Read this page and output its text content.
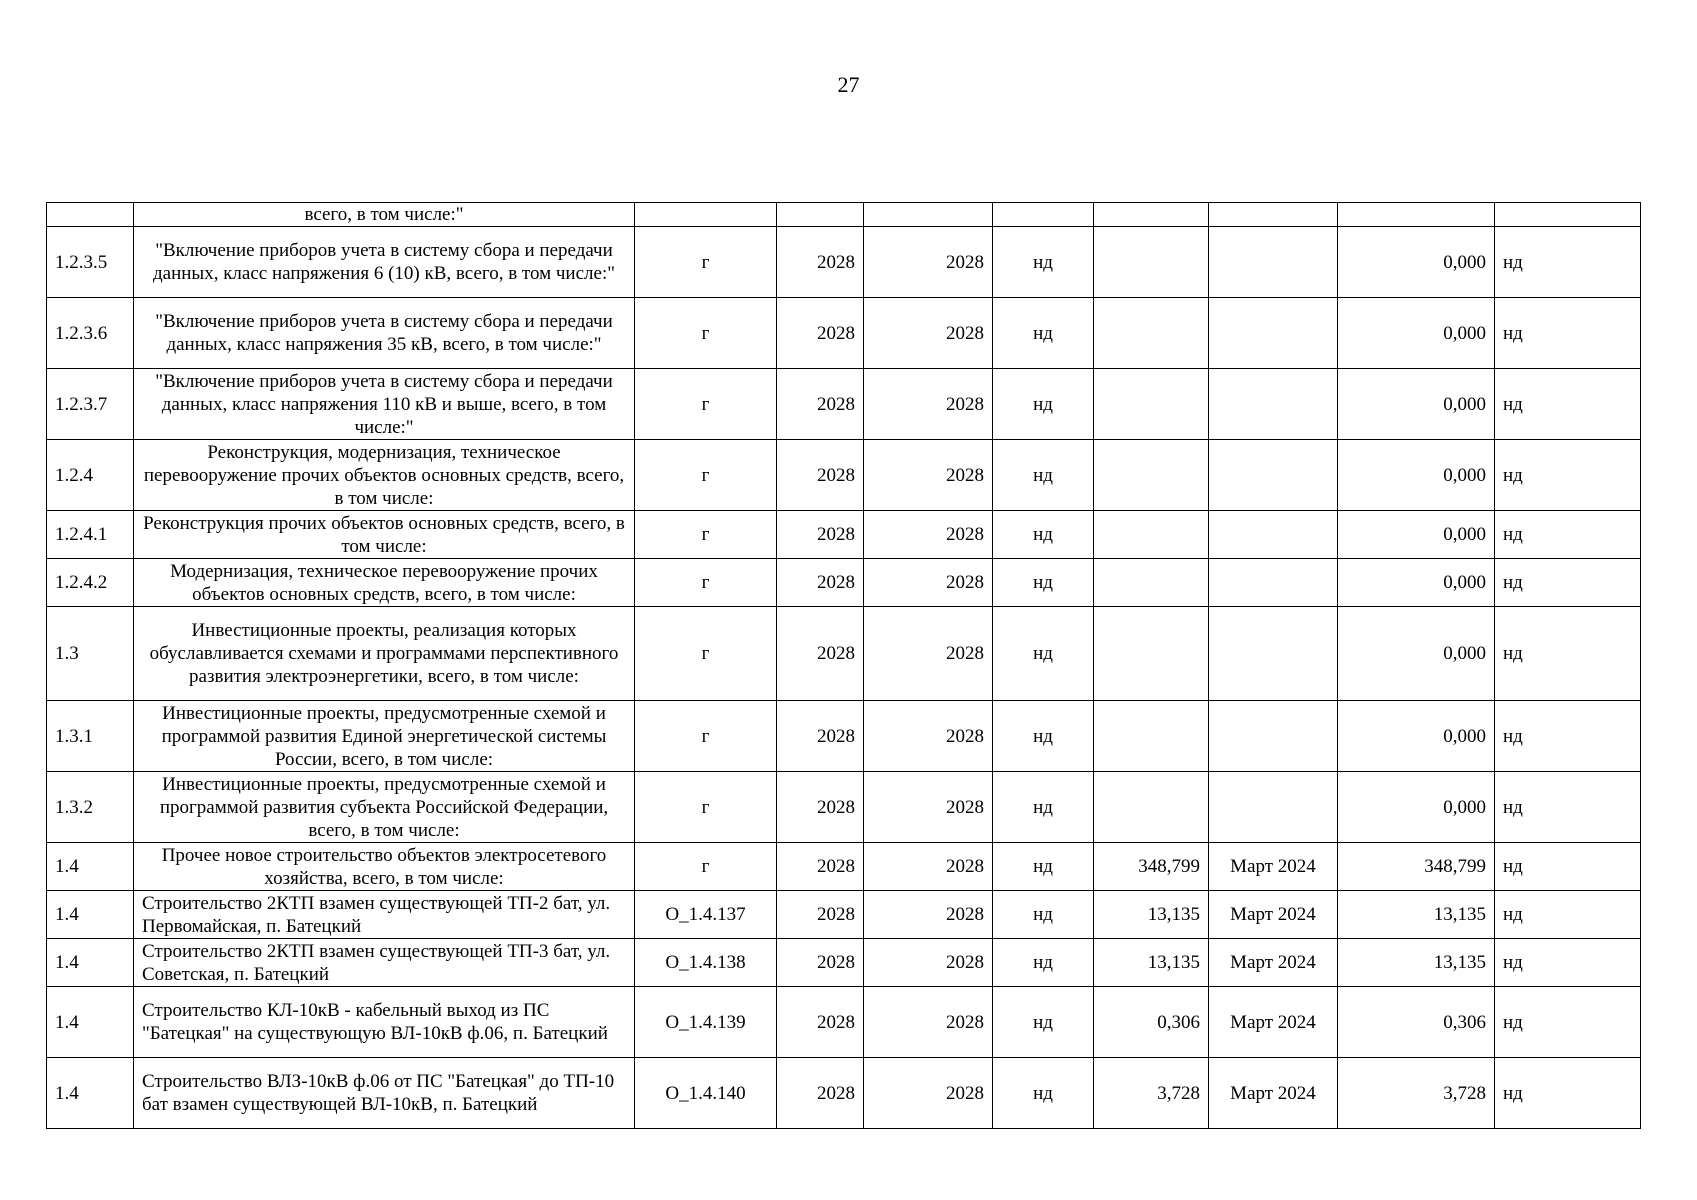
27
	всего, в том числе:"								
1.2.3.5	"Включение приборов учета в систему сбора и передачи данных, класс напряжения 6 (10) кВ, всего, в том числе:"	г	2028	2028	нд			0,000	нд
1.2.3.6	"Включение приборов учета в систему сбора и передачи данных, класс напряжения 35 кВ, всего, в том числе:"	г	2028	2028	нд			0,000	нд
1.2.3.7	"Включение приборов учета в систему сбора и передачи данных, класс напряжения 110 кВ и выше, всего, в том числе:"	г	2028	2028	нд			0,000	нд
1.2.4	Реконструкция, модернизация, техническое перевооружение прочих объектов основных средств, всего, в том числе:	г	2028	2028	нд			0,000	нд
1.2.4.1	Реконструкция прочих объектов основных средств, всего, в том числе:	г	2028	2028	нд			0,000	нд
1.2.4.2	Модернизация, техническое перевооружение прочих объектов основных средств, всего, в том числе:	г	2028	2028	нд			0,000	нд
1.3	Инвестиционные проекты, реализация которых обуславливается схемами и программами перспективного развития электроэнергетики, всего, в том числе:	г	2028	2028	нд			0,000	нд
1.3.1	Инвестиционные проекты, предусмотренные схемой и программой развития Единой энергетической системы России, всего, в том числе:	г	2028	2028	нд			0,000	нд
1.3.2	Инвестиционные проекты, предусмотренные схемой и программой развития субъекта Российской Федерации, всего, в том числе:	г	2028	2028	нд			0,000	нд
1.4	Прочее новое строительство объектов электросетевого хозяйства, всего, в том числе:	г	2028	2028	нд	348,799	Март 2024	348,799	нд
1.4	Строительство 2КТП взамен существующей ТП-2 бат, ул. Первомайская, п. Батецкий	О_1.4.137	2028	2028	нд	13,135	Март 2024	13,135	нд
1.4	Строительство 2КТП взамен существующей ТП-3 бат, ул. Советская, п. Батецкий	О_1.4.138	2028	2028	нд	13,135	Март 2024	13,135	нд
1.4	Строительство КЛ-10кВ - кабельный выход из ПС "Батецкая" на существующую ВЛ-10кВ ф.06, п. Батецкий	О_1.4.139	2028	2028	нд	0,306	Март 2024	0,306	нд
1.4	Строительство ВЛЗ-10кВ ф.06 от ПС "Батецкая" до ТП-10 бат взамен существующей ВЛ-10кВ, п. Батецкий	О_1.4.140	2028	2028	нд	3,728	Март 2024	3,728	нд
